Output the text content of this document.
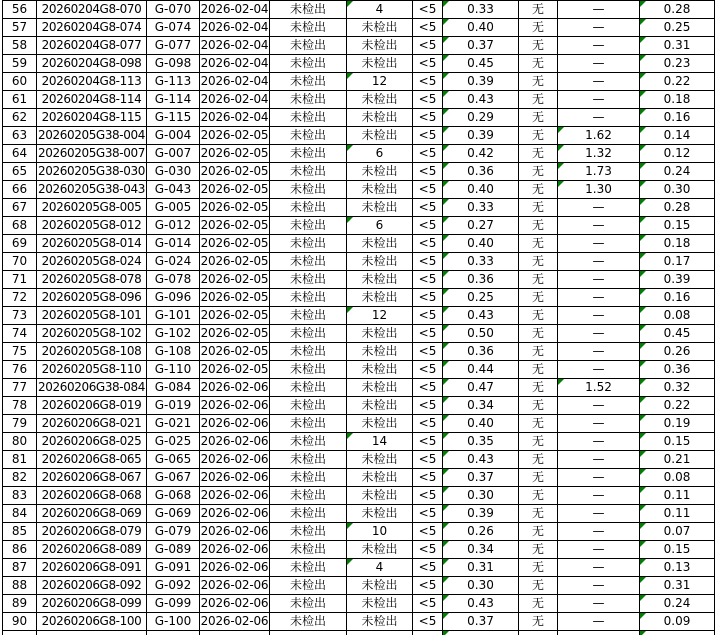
56	20260204G8-070	G-070	2026-02-04	未检出	4	<5	0.33	无	—	0.28

57	20260204G8-074	G-074	2026-02-04	未检出	未检出	<5	0.40	无	—	0.25

58	20260204G8-077	G-077	2026-02-04	未检出	未检出	<5	0.37	无	—	0.31

59	20260204G8-098	G-098	2026-02-04	未检出	未检出	<5	0.45	无	—	0.23

60	20260204G8-113	G-113	2026-02-04	未检出	12	<5	0.39	无	—	0.22

61	20260204G8-114	G-114	2026-02-04	未检出	未检出	<5	0.43	无	—	0.18

62	20260204G8-115	G-115	2026-02-04	未检出	未检出	<5	0.29	无	—	0.16

63	20260205G38-004	G-004	2026-02-05	未检出	未检出	<5	0.39	无	1.62	0.14

64	20260205G38-007	G-007	2026-02-05	未检出	6	<5	0.42	无	1.32	0.12

65	20260205G38-030	G-030	2026-02-05	未检出	未检出	<5	0.36	无	1.73	0.24

66	20260205G38-043	G-043	2026-02-05	未检出	未检出	<5	0.40	无	1.30	0.30

67	20260205G8-005	G-005	2026-02-05	未检出	未检出	<5	0.33	无	—	0.28

68	20260205G8-012	G-012	2026-02-05	未检出	6	<5	0.27	无	—	0.15

69	20260205G8-014	G-014	2026-02-05	未检出	未检出	<5	0.40	无	—	0.18

70	20260205G8-024	G-024	2026-02-05	未检出	未检出	<5	0.33	无	—	0.17

71	20260205G8-078	G-078	2026-02-05	未检出	未检出	<5	0.36	无	—	0.39

72	20260205G8-096	G-096	2026-02-05	未检出	未检出	<5	0.25	无	—	0.16

73	20260205G8-101	G-101	2026-02-05	未检出	12	<5	0.43	无	—	0.08

74	20260205G8-102	G-102	2026-02-05	未检出	未检出	<5	0.50	无	—	0.45

75	20260205G8-108	G-108	2026-02-05	未检出	未检出	<5	0.36	无	—	0.26

76	20260205G8-110	G-110	2026-02-05	未检出	未检出	<5	0.44	无	—	0.36

77	20260206G38-084	G-084	2026-02-06	未检出	未检出	<5	0.47	无	1.52	0.32

78	20260206G8-019	G-019	2026-02-06	未检出	未检出	<5	0.34	无	—	0.22

79	20260206G8-021	G-021	2026-02-06	未检出	未检出	<5	0.40	无	—	0.19

80	20260206G8-025	G-025	2026-02-06	未检出	14	<5	0.35	无	—	0.15

81	20260206G8-065	G-065	2026-02-06	未检出	未检出	<5	0.43	无	—	0.21

82	20260206G8-067	G-067	2026-02-06	未检出	未检出	<5	0.37	无	—	0.08

83	20260206G8-068	G-068	2026-02-06	未检出	未检出	<5	0.30	无	—	0.11

84	20260206G8-069	G-069	2026-02-06	未检出	未检出	<5	0.39	无	—	0.11

85	20260206G8-079	G-079	2026-02-06	未检出	10	<5	0.26	无	—	0.07

86	20260206G8-089	G-089	2026-02-06	未检出	未检出	<5	0.34	无	—	0.15

87	20260206G8-091	G-091	2026-02-06	未检出	4	<5	0.31	无	—	0.13

88	20260206G8-092	G-092	2026-02-06	未检出	未检出	<5	0.30	无	—	0.31

89	20260206G8-099	G-099	2026-02-06	未检出	未检出	<5	0.43	无	—	0.24

90	20260206G8-100	G-100	2026-02-06	未检出	未检出	<5	0.37	无	—	0.09
